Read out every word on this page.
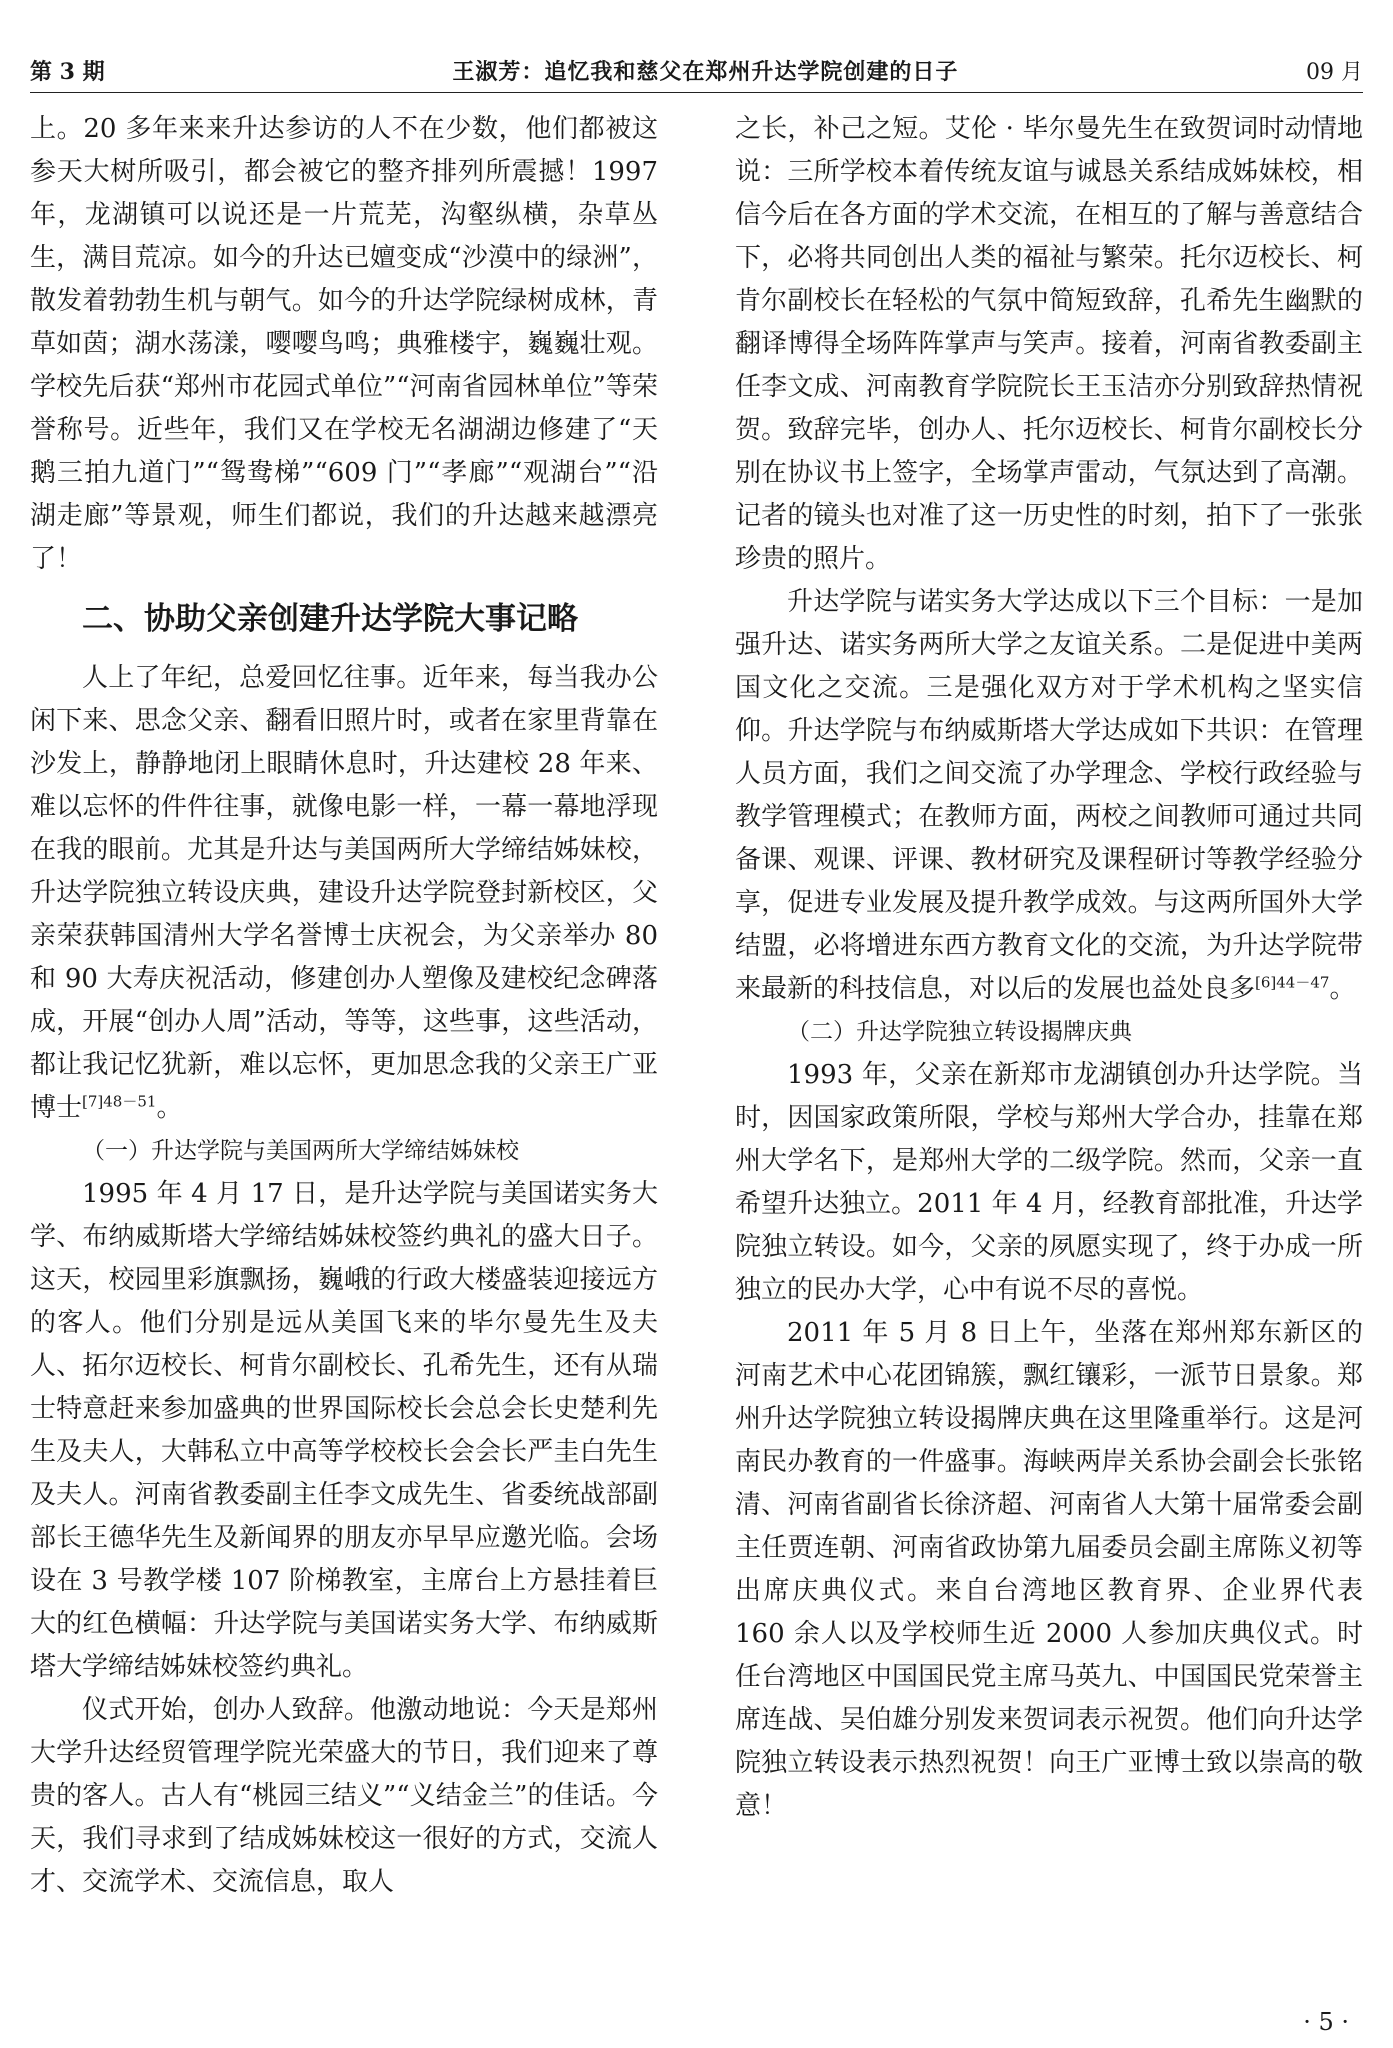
第 3 期	王淑芳：追忆我和慈父在郑州升达学院创建的日子	09 月

上。20 多年来来升达参访的人不在少数，他们都被这参天大树所吸引，都会被它的整齐排列所震撼！1997 年，龙湖镇可以说还是一片荒芜，沟壑纵横，杂草丛生，满目荒凉。如今的升达已嬗变成“沙漠中的绿洲”，散发着勃勃生机与朝气。如今的升达学院绿树成林，青草如茵；湖水荡漾，嘤嘤鸟鸣；典雅楼宇，巍巍壮观。学校先后获“郑州市花园式单位”“河南省园林单位”等荣誉称号。近些年，我们又在学校无名湖湖边修建了“天鹅三拍九道门”“鸳鸯梯”“609 门”“孝廊”“观湖台”“沿湖走廊”等景观，师生们都说，我们的升达越来越漂亮了！

二、协助父亲创建升达学院大事记略

人上了年纪，总爱回忆往事。近年来，每当我办公闲下来、思念父亲、翻看旧照片时，或者在家里背靠在沙发上，静静地闭上眼睛休息时，升达建校 28 年来、难以忘怀的件件往事，就像电影一样，一幕一幕地浮现在我的眼前。尤其是升达与美国两所大学缔结姊妹校，升达学院独立转设庆典，建设升达学院登封新校区，父亲荣获韩国清州大学名誉博士庆祝会，为父亲举办 80 和 90 大寿庆祝活动，修建创办人塑像及建校纪念碑落成，开展“创办人周”活动，等等，这些事，这些活动，都让我记忆犹新，难以忘怀，更加思念我的父亲王广亚博士$^{[7]48-51}$。

（一）升达学院与美国两所大学缔结姊妹校

1995 年 4 月 17 日，是升达学院与美国诺实务大学、布纳威斯塔大学缔结姊妹校签约典礼的盛大日子。这天，校园里彩旗飘扬，巍峨的行政大楼盛装迎接远方的客人。他们分别是远从美国飞来的毕尔曼先生及夫人、拓尔迈校长、柯肯尔副校长、孔希先生，还有从瑞士特意赶来参加盛典的世界国际校长会总会长史楚利先生及夫人，大韩私立中高等学校校长会会长严圭白先生及夫人。河南省教委副主任李文成先生、省委统战部副部长王德华先生及新闻界的朋友亦早早应邀光临。会场设在 3 号教学楼 107 阶梯教室，主席台上方悬挂着巨大的红色横幅：升达学院与美国诺实务大学、布纳威斯塔大学缔结姊妹校签约典礼。

仪式开始，创办人致辞。他激动地说：今天是郑州大学升达经贸管理学院光荣盛大的节日，我们迎来了尊贵的客人。古人有“桃园三结义”“义结金兰”的佳话。今天，我们寻求到了结成姊妹校这一很好的方式，交流人才、交流学术、交流信息，取人

之长，补己之短。艾伦 · 毕尔曼先生在致贺词时动情地说：三所学校本着传统友谊与诚恳关系结成姊妹校，相信今后在各方面的学术交流，在相互的了解与善意结合下，必将共同创出人类的福祉与繁荣。托尔迈校长、柯肯尔副校长在轻松的气氛中简短致辞，孔希先生幽默的翻译博得全场阵阵掌声与笑声。接着，河南省教委副主任李文成、河南教育学院院长王玉洁亦分别致辞热情祝贺。致辞完毕，创办人、托尔迈校长、柯肯尔副校长分别在协议书上签字，全场掌声雷动，气氛达到了高潮。记者的镜头也对准了这一历史性的时刻，拍下了一张张珍贵的照片。

升达学院与诺实务大学达成以下三个目标：一是加强升达、诺实务两所大学之友谊关系。二是促进中美两国文化之交流。三是强化双方对于学术机构之坚实信仰。升达学院与布纳威斯塔大学达成如下共识：在管理人员方面，我们之间交流了办学理念、学校行政经验与教学管理模式；在教师方面，两校之间教师可通过共同备课、观课、评课、教材研究及课程研讨等教学经验分享，促进专业发展及提升教学成效。与这两所国外大学结盟，必将增进东西方教育文化的交流，为升达学院带来最新的科技信息，对以后的发展也益处良多$^{[6]44-47}$。

（二）升达学院独立转设揭牌庆典

1993 年，父亲在新郑市龙湖镇创办升达学院。当时，因国家政策所限，学校与郑州大学合办，挂靠在郑州大学名下，是郑州大学的二级学院。然而，父亲一直希望升达独立。2011 年 4 月，经教育部批准，升达学院独立转设。如今，父亲的夙愿实现了，终于办成一所独立的民办大学，心中有说不尽的喜悦。

2011 年 5 月 8 日上午，坐落在郑州郑东新区的河南艺术中心花团锦簇，飘红镶彩，一派节日景象。郑州升达学院独立转设揭牌庆典在这里隆重举行。这是河南民办教育的一件盛事。海峡两岸关系协会副会长张铭清、河南省副省长徐济超、河南省人大第十届常委会副主任贾连朝、河南省政协第九届委员会副主席陈义初等出席庆典仪式。来自台湾地区教育界、企业界代表 160 余人以及学校师生近 2000 人参加庆典仪式。时任台湾地区中国国民党主席马英九、中国国民党荣誉主席连战、吴伯雄分别发来贺词表示祝贺。他们向升达学院独立转设表示热烈祝贺！向王广亚博士致以崇高的敬意！

· 5 ·
